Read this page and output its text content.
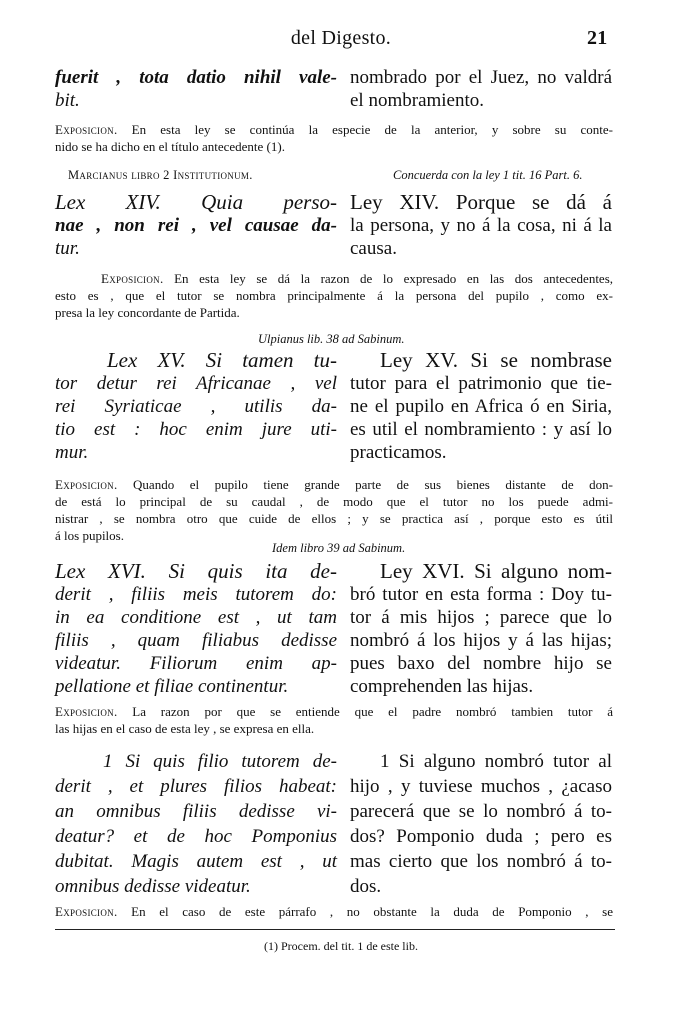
del Digesto.	21
fuerit , tota datio nihil vale-
bit.
nombrado por el Juez, no valdrá
el nombramiento.
Exposicion. En esta ley se continúa la especie de la anterior, y sobre su conte-
nido se ha dicho en el título antecedente (1).
Marcianus libro 2 Institutionum.	Concuerda con la ley 1 tit. 16 Part. 6.
Lex XIV. Quia perso-
nae , non rei , vel causae da-
tur.
Ley XIV. Porque se dá á
la persona, y no á la cosa, ni á la
causa.
Exposicion. En esta ley se dá la razon de lo expresado en las dos antecedentes,
esto es , que el tutor se nombra principalmente á la persona del pupilo , como ex-
presa la ley concordante de Partida.
Ulpianus lib. 38 ad Sabinum.
Lex XV. Si tamen tu-
tor detur rei Africanae , vel
rei Syriaticae , utilis da-
tio est : hoc enim jure uti-
mur.
Ley XV. Si se nombrase
tutor para el patrimonio que tie-
ne el pupilo en Africa ó en Siria,
es util el nombramiento : y así lo
practicamos.
Exposicion. Quando el pupilo tiene grande parte de sus bienes distante de don-
de está lo principal de su caudal , de modo que el tutor no los puede admi-
nistrar , se nombra otro que cuide de ellos ; y se practica así , porque esto es útil
á los pupilos.
Idem libro 39 ad Sabinum.
Lex XVI. Si quis ita de-
derit , filiis meis tutorem do:
in ea conditione est , ut tam
filiis , quam filiabus dedisse
videatur. Filiorum enim ap-
pellatione et filiae continentur.
Ley XVI. Si alguno nom-
bró tutor en esta forma : Doy tu-
tor á mis hijos ; parece que lo
nombró á los hijos y á las hijas;
pues baxo del nombre hijo se
comprehenden las hijas.
Exposicion. La razon por que se entiende que el padre nombró tambien tutor á
las hijas en el caso de esta ley , se expresa en ella.
1 Si quis filio tutorem de-
derit , et plures filios habeat:
an omnibus filiis dedisse vi-
deatur? et de hoc Pomponius
dubitat. Magis autem est , ut
omnibus dedisse videatur.
1 Si alguno nombró tutor al
hijo , y tuviese muchos , ¿acaso
parecerá que se lo nombró á to-
dos? Pomponio duda ; pero es
mas cierto que los nombró á to-
dos.
Exposicion. En el caso de este párrafo , no obstante la duda de Pomponio , se
(1) Procem. del tit. 1 de este lib.
